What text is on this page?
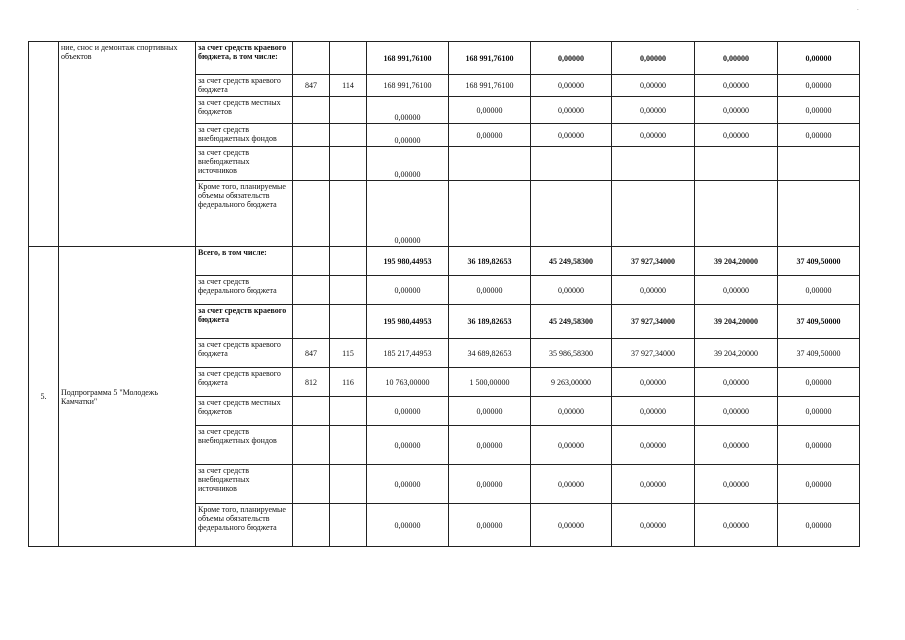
·
	ние, снос и демонтаж спортивных объектов	за счет средств краевого бюджета, в том числе:			168 991,76100	168 991,76100	0,00000	0,00000	0,00000	0,00000
		за счет средств краевого бюджета	847	114	168 991,76100	168 991,76100	0,00000	0,00000	0,00000	0,00000
		за счет средств местных бюджетов			0,00000	0,00000	0,00000	0,00000	0,00000	0,00000
		за счет средств внебюджетных фондов			0,00000	0,00000	0,00000	0,00000	0,00000	0,00000
		за счет средств внебюджетных источников			0,00000					
		Кроме того, планируемые объемы обязательств федерального бюджета			0,00000					
5.	Подпрограмма 5 "Молодежь Камчатки"	Всего, в том числе:			195 980,44953	36 189,82653	45 249,58300	37 927,34000	39 204,20000	37 409,50000
		за счет средств федерального бюджета			0,00000	0,00000	0,00000	0,00000	0,00000	0,00000
		за счет средств краевого бюджета			195 980,44953	36 189,82653	45 249,58300	37 927,34000	39 204,20000	37 409,50000
		за счет средств краевого бюджета	847	115	185 217,44953	34 689,82653	35 986,58300	37 927,34000	39 204,20000	37 409,50000
		за счет средств краевого бюджета	812	116	10 763,00000	1 500,00000	9 263,00000	0,00000	0,00000	0,00000
		за счет средств местных бюджетов			0,00000	0,00000	0,00000	0,00000	0,00000	0,00000
		за счет средств внебюджетных фондов			0,00000	0,00000	0,00000	0,00000	0,00000	0,00000
		за счет средств внебюджетных источников			0,00000	0,00000	0,00000	0,00000	0,00000	0,00000
		Кроме того, планируемые объемы обязательств федерального бюджета			0,00000	0,00000	0,00000	0,00000	0,00000	0,00000
